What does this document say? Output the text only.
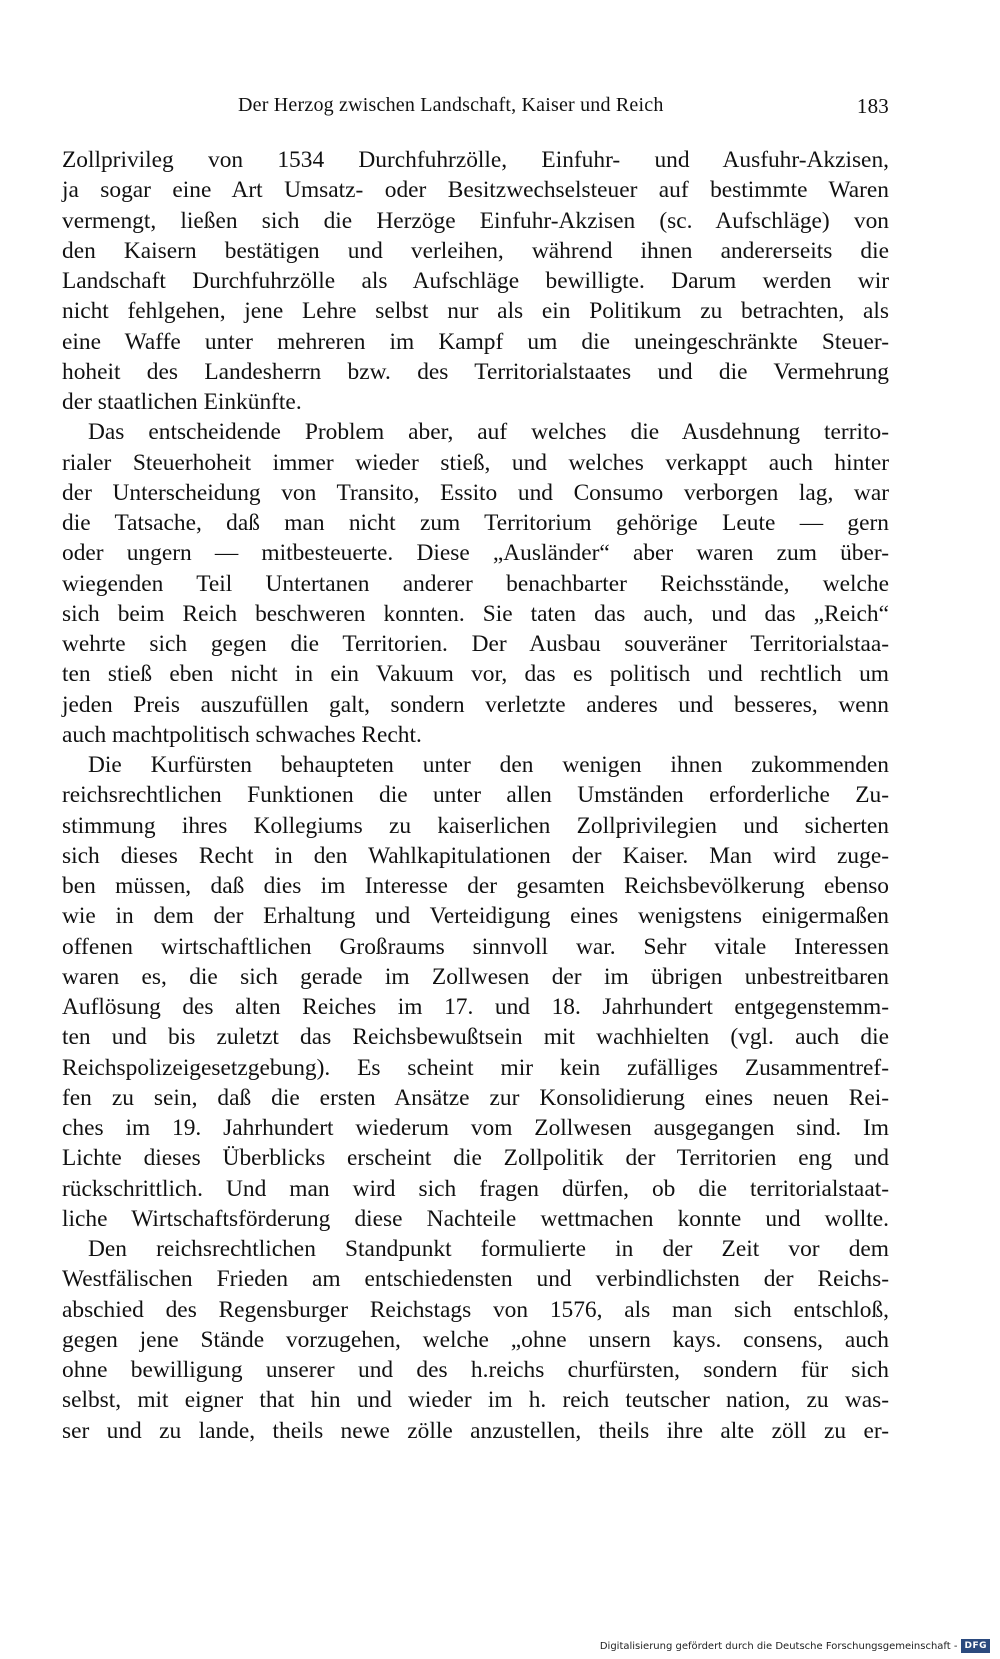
Der Herzog zwischen Landschaft, Kaiser und Reich	183
Zollprivileg von 1534 Durchfuhrzölle, Einfuhr- und Ausfuhr-Akzisen,
ja sogar eine Art Umsatz- oder Besitzwechselsteuer auf bestimmte Waren
vermengt, ließen sich die Herzöge Einfuhr-Akzisen (sc. Aufschläge) von
den Kaisern bestätigen und verleihen, während ihnen andererseits die
Landschaft Durchfuhrzölle als Aufschläge bewilligte. Darum werden wir
nicht fehlgehen, jene Lehre selbst nur als ein Politikum zu betrachten, als
eine Waffe unter mehreren im Kampf um die uneingeschränkte Steuer-
hoheit des Landesherrn bzw. des Territorialstaates und die Vermehrung
der staatlichen Einkünfte.
Das entscheidende Problem aber, auf welches die Ausdehnung territo-
rialer Steuerhoheit immer wieder stieß, und welches verkappt auch hinter
der Unterscheidung von Transito, Essito und Consumo verborgen lag, war
die Tatsache, daß man nicht zum Territorium gehörige Leute — gern
oder ungern — mitbesteuerte. Diese „Ausländer“ aber waren zum über-
wiegenden Teil Untertanen anderer benachbarter Reichsstände, welche
sich beim Reich beschweren konnten. Sie taten das auch, und das „Reich“
wehrte sich gegen die Territorien. Der Ausbau souveräner Territorialstaa-
ten stieß eben nicht in ein Vakuum vor, das es politisch und rechtlich um
jeden Preis auszufüllen galt, sondern verletzte anderes und besseres, wenn
auch machtpolitisch schwaches Recht.
Die Kurfürsten behaupteten unter den wenigen ihnen zukommenden
reichsrechtlichen Funktionen die unter allen Umständen erforderliche Zu-
stimmung ihres Kollegiums zu kaiserlichen Zollprivilegien und sicherten
sich dieses Recht in den Wahlkapitulationen der Kaiser. Man wird zuge-
ben müssen, daß dies im Interesse der gesamten Reichsbevölkerung ebenso
wie in dem der Erhaltung und Verteidigung eines wenigstens einigermaßen
offenen wirtschaftlichen Großraums sinnvoll war. Sehr vitale Interessen
waren es, die sich gerade im Zollwesen der im übrigen unbestreitbaren
Auflösung des alten Reiches im 17. und 18. Jahrhundert entgegenstemm-
ten und bis zuletzt das Reichsbewußtsein mit wachhielten (vgl. auch die
Reichspolizeigesetzgebung). Es scheint mir kein zufälliges Zusammentref-
fen zu sein, daß die ersten Ansätze zur Konsolidierung eines neuen Rei-
ches im 19. Jahrhundert wiederum vom Zollwesen ausgegangen sind. Im
Lichte dieses Überblicks erscheint die Zollpolitik der Territorien eng und
rückschrittlich. Und man wird sich fragen dürfen, ob die territorialstaat-
liche Wirtschaftsförderung diese Nachteile wettmachen konnte und wollte.
Den reichsrechtlichen Standpunkt formulierte in der Zeit vor dem
Westfälischen Frieden am entschiedensten und verbindlichsten der Reichs-
abschied des Regensburger Reichstags von 1576, als man sich entschloß,
gegen jene Stände vorzugehen, welche „ohne unsern kays. consens, auch
ohne bewilligung unserer und des h.reichs churfürsten, sondern für sich
selbst, mit eigner that hin und wieder im h. reich teutscher nation, zu was-
ser und zu lande, theils newe zölle anzustellen, theils ihre alte zöll zu er-
Digitalisierung gefördert durch die Deutsche Forschungsgemeinschaft - DFG
